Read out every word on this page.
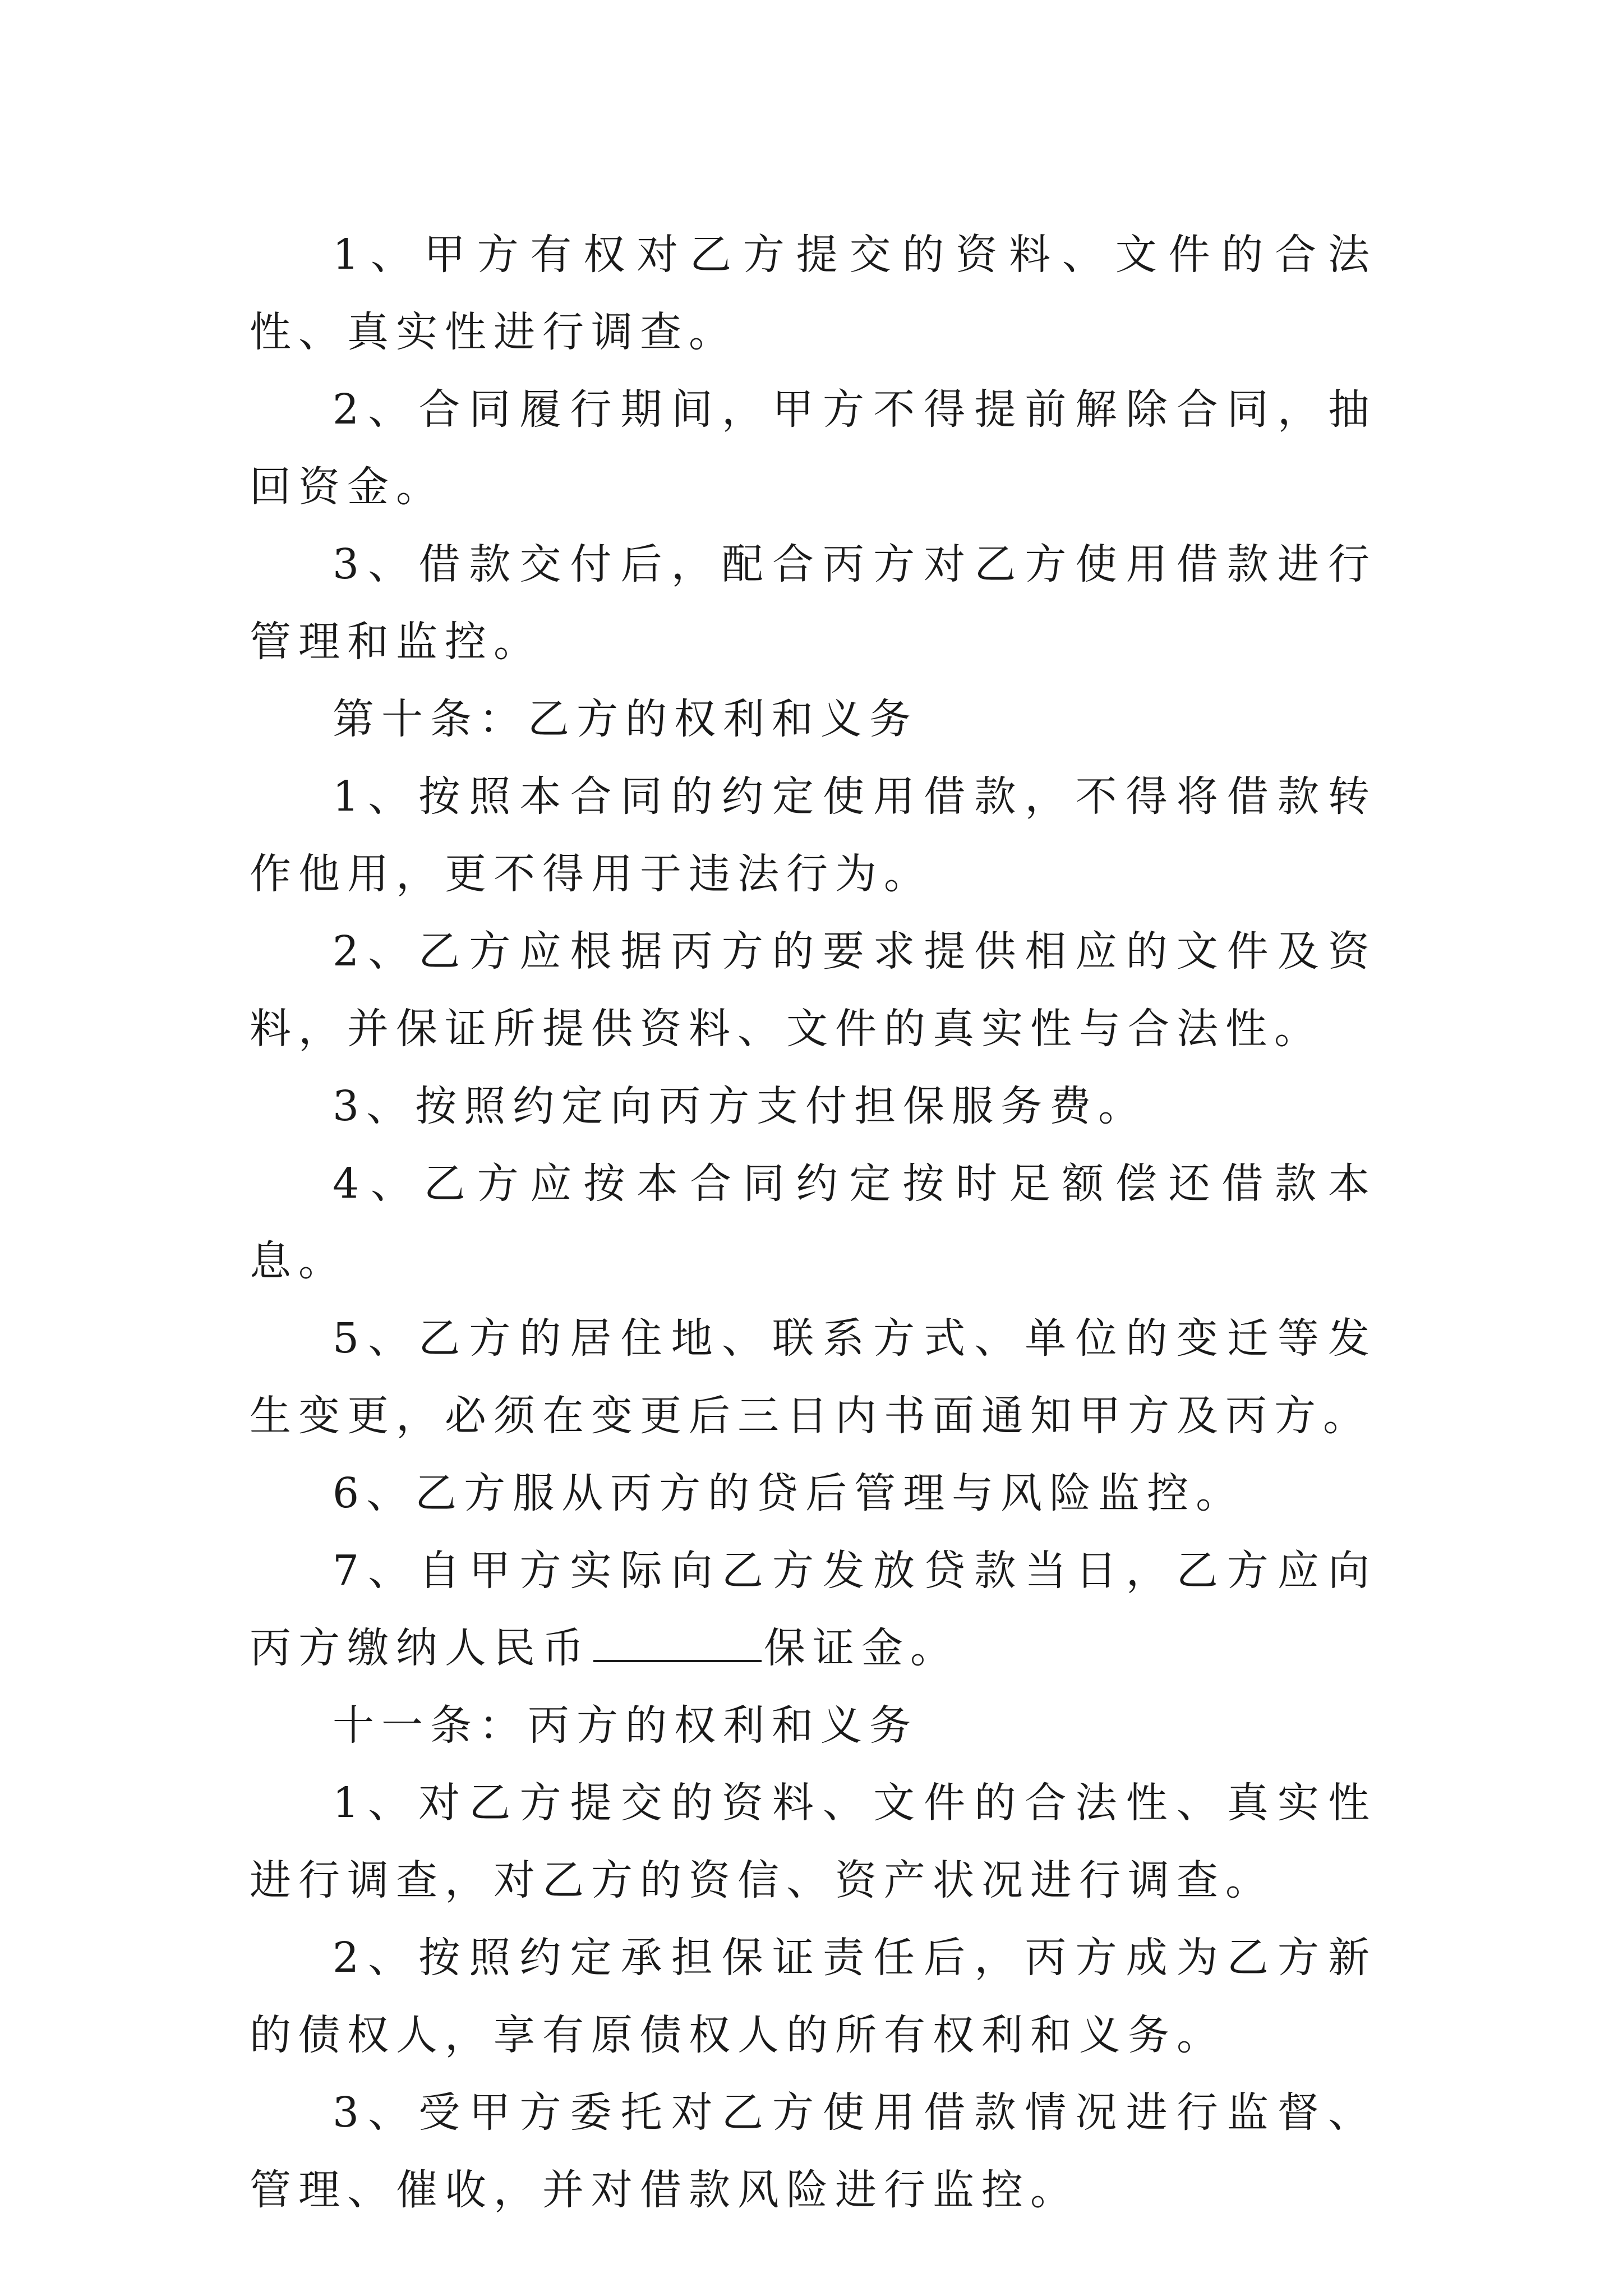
1、甲方有权对乙方提交的资料、文件的合法性、真实性进行调查。

2、合同履行期间，甲方不得提前解除合同，抽回资金。

3、借款交付后，配合丙方对乙方使用借款进行管理和监控。

第十条：乙方的权利和义务

1、按照本合同的约定使用借款，不得将借款转作他用，更不得用于违法行为。

2、乙方应根据丙方的要求提供相应的文件及资料，并保证所提供资料、文件的真实性与合法性。

3、按照约定向丙方支付担保服务费。

4、乙方应按本合同约定按时足额偿还借款本息。

5、乙方的居住地、联系方式、单位的变迁等发生变更，必须在变更后三日内书面通知甲方及丙方。

6、乙方服从丙方的贷后管理与风险监控。

7、自甲方实际向乙方发放贷款当日，乙方应向丙方缴纳人民币	保证金。

十一条：丙方的权利和义务

1、对乙方提交的资料、文件的合法性、真实性进行调查，对乙方的资信、资产状况进行调查。

2、按照约定承担保证责任后，丙方成为乙方新的债权人，享有原债权人的所有权利和义务。

3、受甲方委托对乙方使用借款情况进行监督、管理、催收，并对借款风险进行监控。
